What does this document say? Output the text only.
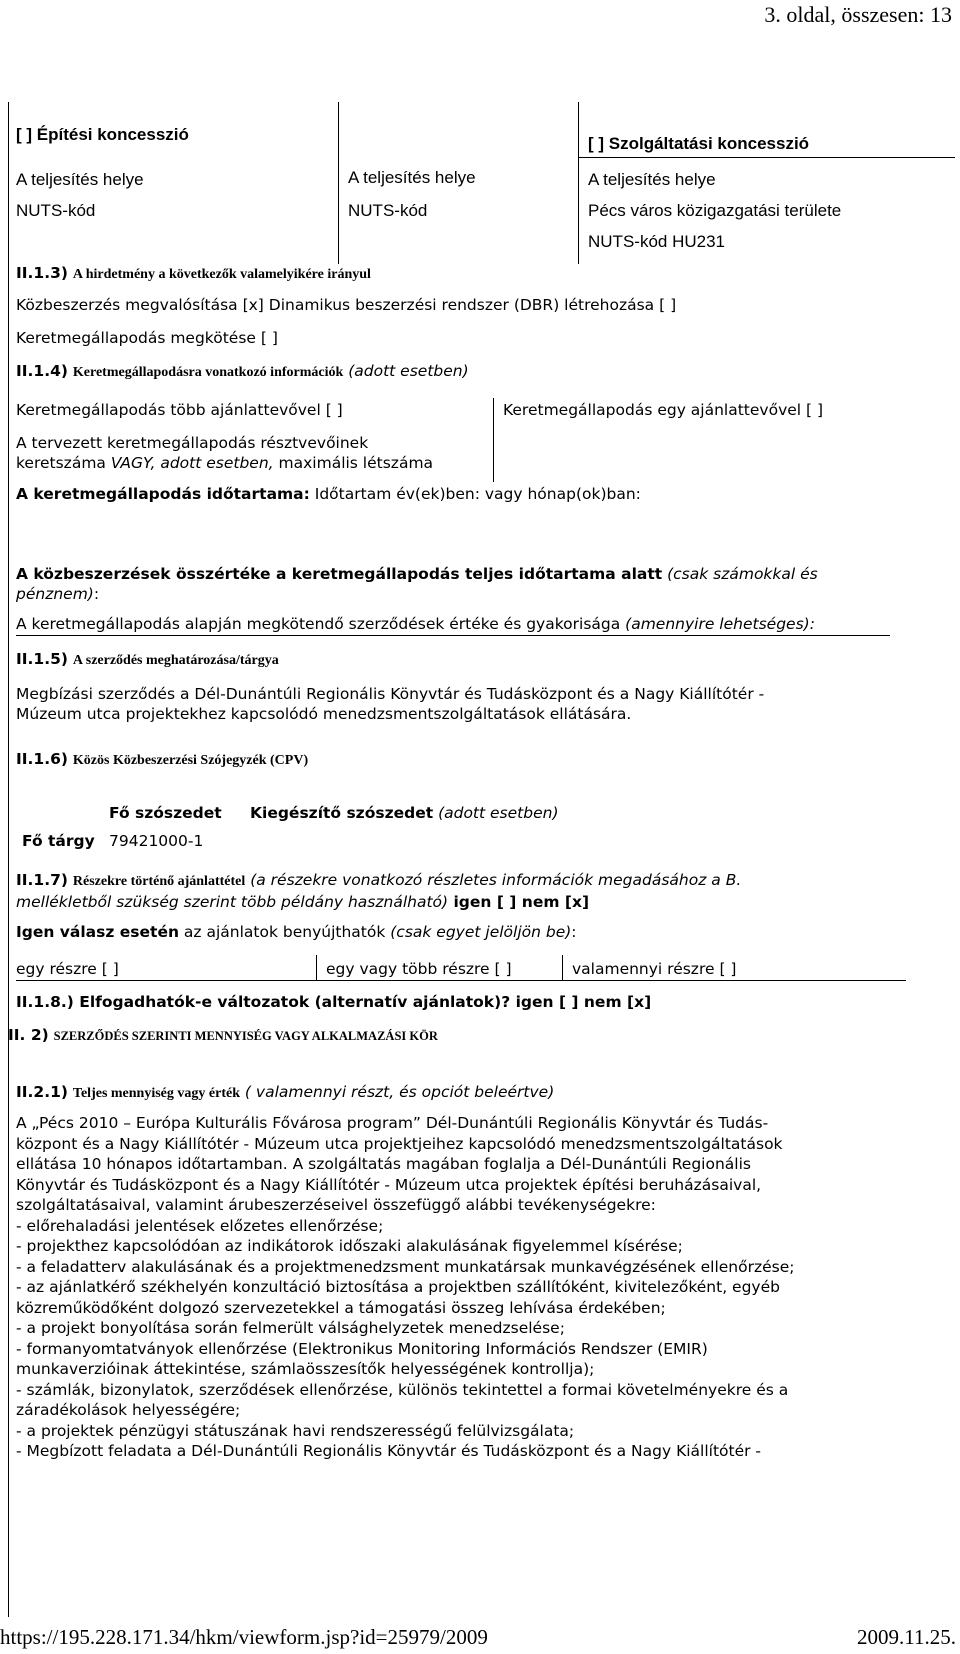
3. oldal, összesen: 13
[ ] Építési koncesszió
A teljesítés helye
NUTS-kód
A teljesítés helye
NUTS-kód
[ ] Szolgáltatási koncesszió
A teljesítés helye
Pécs város közigazgatási területe
NUTS-kód HU231
II.1.3) A hirdetmény a következők valamelyikére irányul
Közbeszerzés megvalósítása [x] Dinamikus beszerzési rendszer (DBR) létrehozása [ ]
Keretmegállapodás megkötése [ ]
II.1.4) Keretmegállapodásra vonatkozó információk (adott esetben)
Keretmegállapodás több ajánlattevővel [ ]	Keretmegállapodás egy ajánlattevővel [ ]
A tervezett keretmegállapodás résztvevőinek
keretszáma VAGY, adott esetben, maximális létszáma
A keretmegállapodás időtartama: Időtartam év(ek)ben: vagy hónap(ok)ban:
A közbeszerzések összértéke a keretmegállapodás teljes időtartama alatt (csak számokkal és
pénznem):
A keretmegállapodás alapján megkötendő szerződések értéke és gyakorisága (amennyire lehetséges):
II.1.5) A szerződés meghatározása/tárgya
Megbízási szerződés a Dél-Dunántúli Regionális Könyvtár és Tudásközpont és a Nagy Kiállítótér -
Múzeum utca projektekhez kapcsolódó menedzsmentszolgáltatások ellátására.
II.1.6) Közös Közbeszerzési Szójegyzék (CPV)
Fő szószedet Kiegészítő szószedet (adott esetben)
Fő tárgy 79421000-1
II.1.7) Részekre történő ajánlattétel (a részekre vonatkozó részletes információk megadásához a B.
mellékletből szükség szerint több példány használható) igen [ ] nem [x]
Igen válasz esetén az ajánlatok benyújthatók (csak egyet jelöljön be):
egy részre [ ]	egy vagy több részre [ ]	valamennyi részre [ ]
II.1.8.) Elfogadhatók-e változatok (alternatív ajánlatok)? igen [ ] nem [x]
II. 2) SZERZŐDÉS SZERINTI MENNYISÉG VAGY ALKALMAZÁSI KÖR
II.2.1) Teljes mennyiség vagy érték ( valamennyi részt, és opciót beleértve)
A „Pécs 2010 – Európa Kulturális Fővárosa program” Dél-Dunántúli Regionális Könyvtár és Tudás-
központ és a Nagy Kiállítótér - Múzeum utca projektjeihez kapcsolódó menedzsmentszolgáltatások
ellátása 10 hónapos időtartamban. A szolgáltatás magában foglalja a Dél-Dunántúli Regionális
Könyvtár és Tudásközpont és a Nagy Kiállítótér - Múzeum utca projektek építési beruházásaival,
szolgáltatásaival, valamint árubeszerzéseivel összefüggő alábbi tevékenységekre:
- előrehaladási jelentések előzetes ellenőrzése;
- projekthez kapcsolódóan az indikátorok időszaki alakulásának figyelemmel kísérése;
- a feladatterv alakulásának és a projektmenedzsment munkatársak munkavégzésének ellenőrzése;
- az ajánlatkérő székhelyén konzultáció biztosítása a projektben szállítóként, kivitelezőként, egyéb
közreműködőként dolgozó szervezetekkel a támogatási összeg lehívása érdekében;
- a projekt bonyolítása során felmerült válsághelyzetek menedzselése;
- formanyomtatványok ellenőrzése (Elektronikus Monitoring Információs Rendszer (EMIR)
munkaverzióinak áttekintése, számlaösszesítők helyességének kontrollja);
- számlák, bizonylatok, szerződések ellenőrzése, különös tekintettel a formai követelményekre és a
záradékolások helyességére;
- a projektek pénzügyi státuszának havi rendszerességű felülvizsgálata;
- Megbízott feladata a Dél-Dunántúli Regionális Könyvtár és Tudásközpont és a Nagy Kiállítótér -
https://195.228.171.34/hkm/viewform.jsp?id=25979/2009	2009.11.25.
